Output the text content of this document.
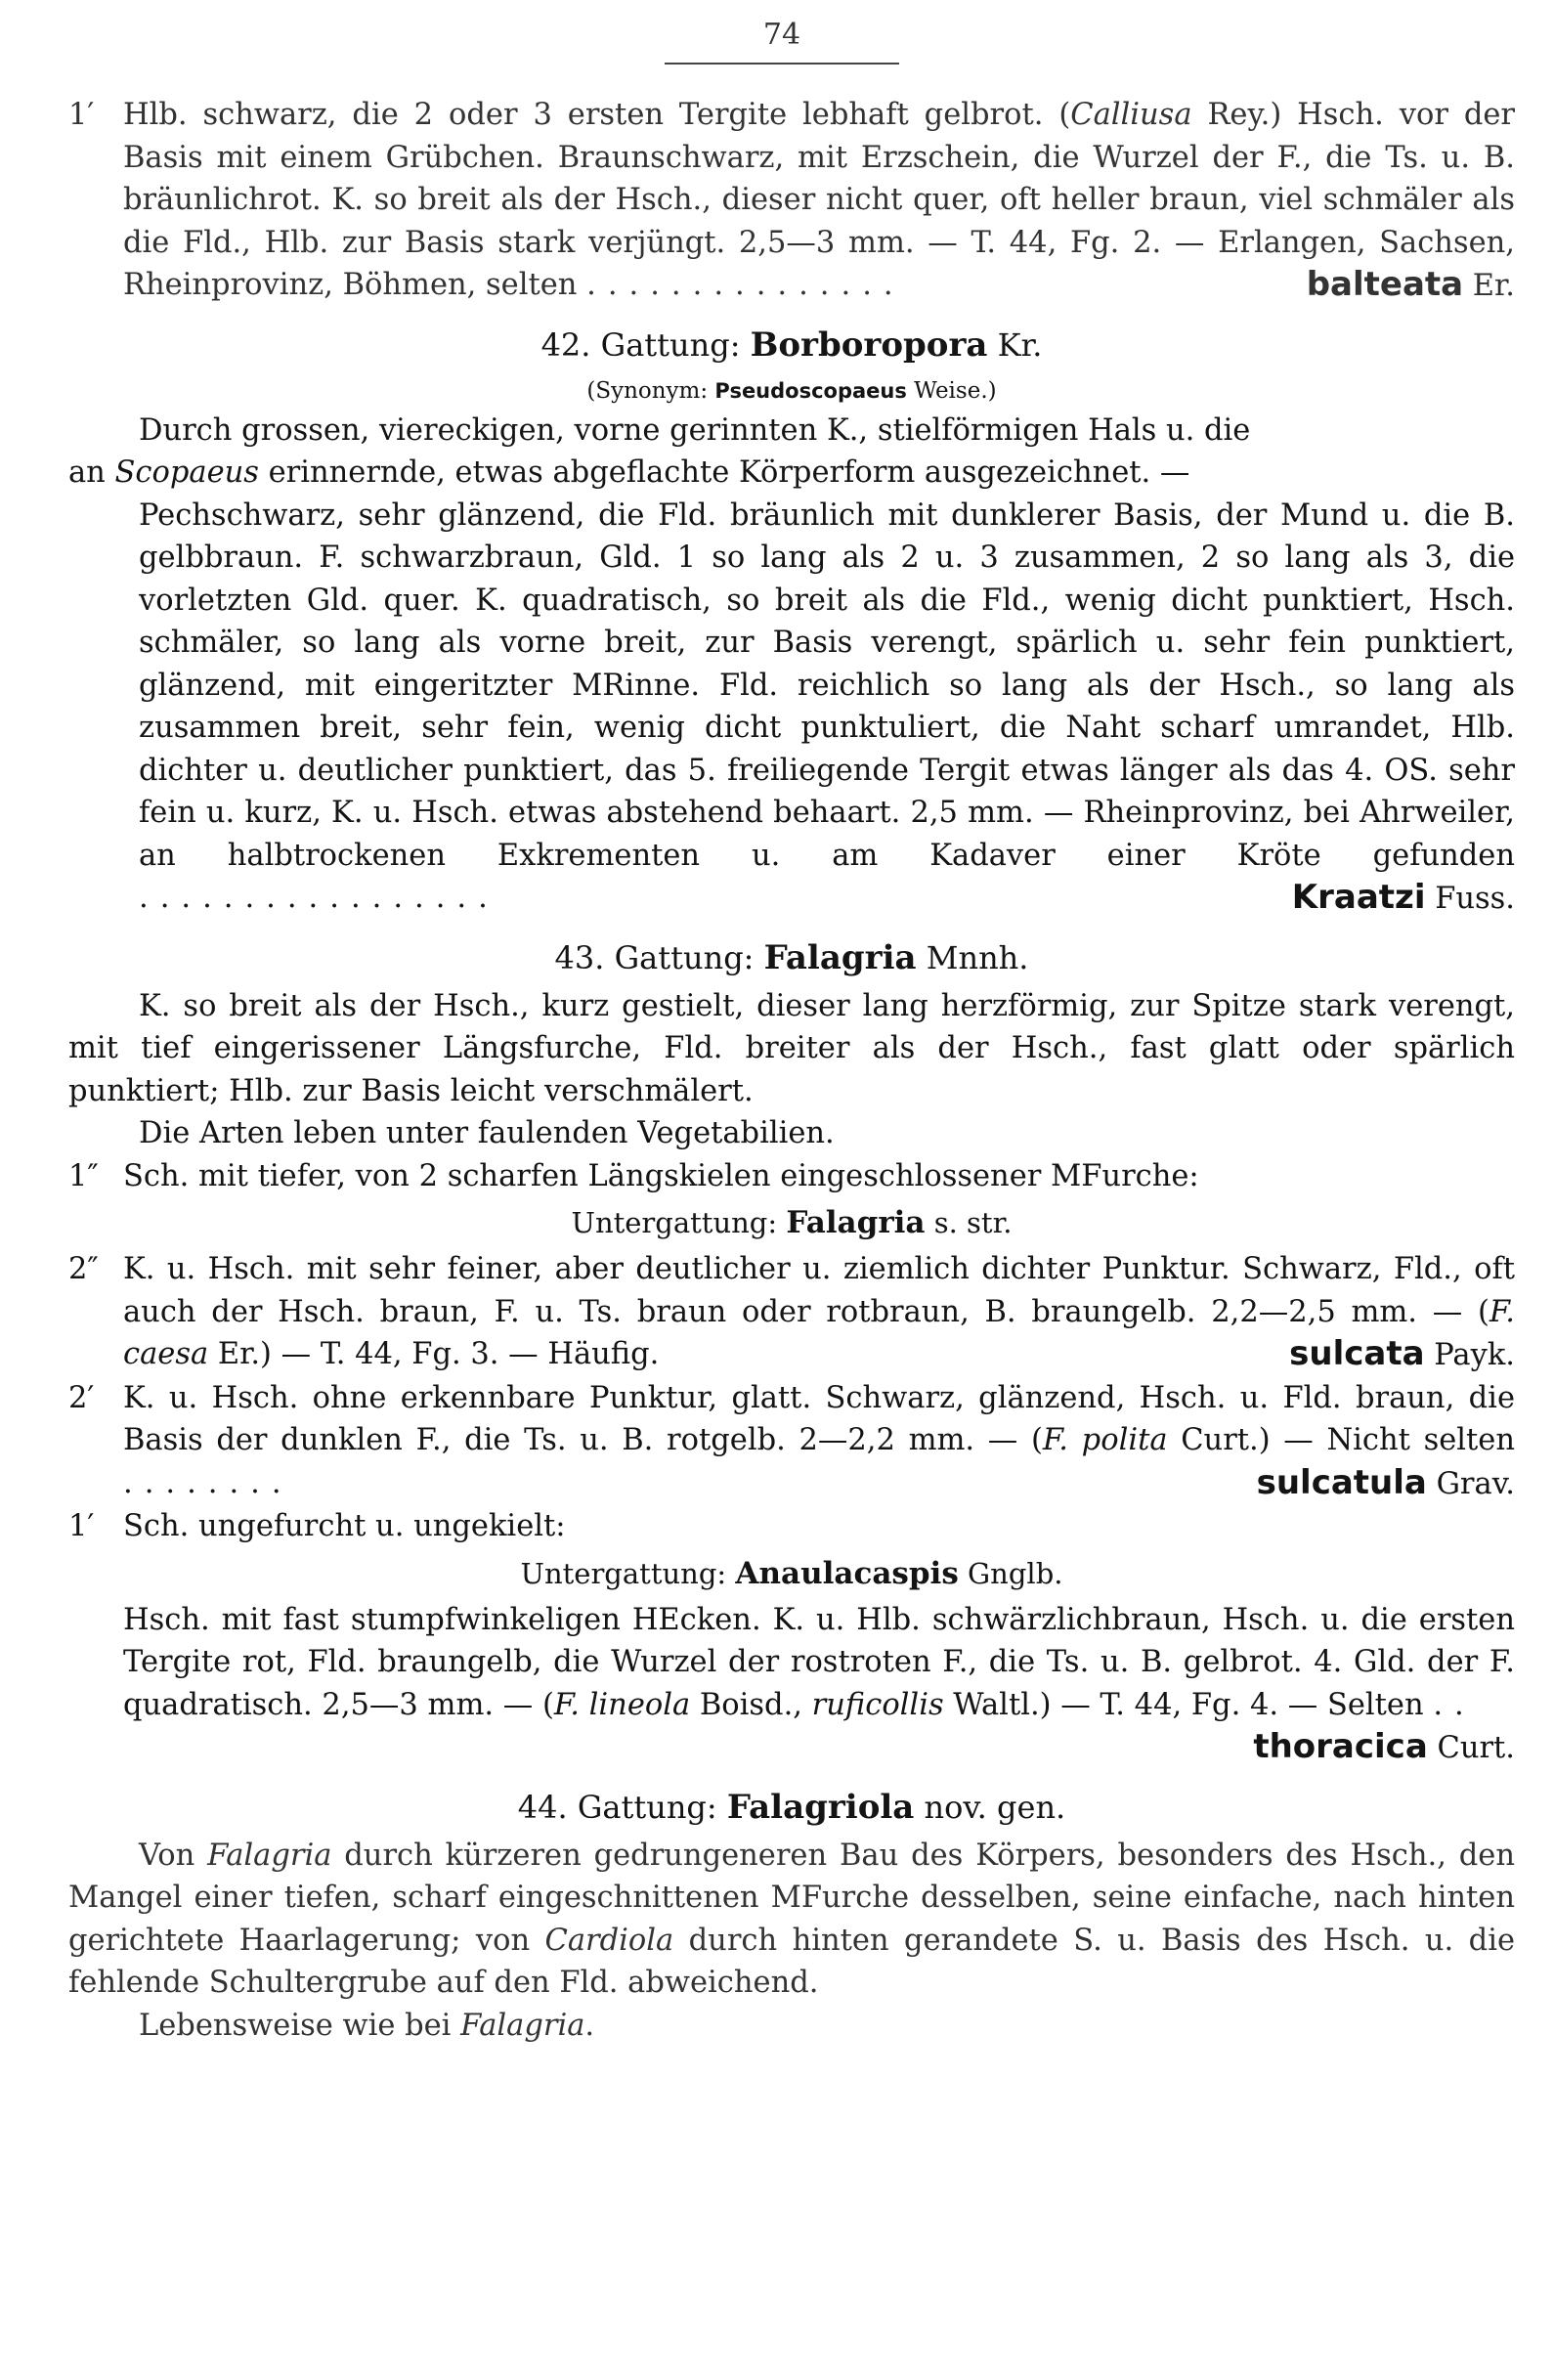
74
1′ Hlb. schwarz, die 2 oder 3 ersten Tergite lebhaft gelbrot. (Calliusa Rey.) Hsch. vor der Basis mit einem Grübchen. Braunschwarz, mit Erzschein, die Wurzel der F., die Ts. u. B. bräunlichrot. K. so breit als der Hsch., dieser nicht quer, oft heller braun, viel schmäler als die Fld., Hlb. zur Basis stark verjüngt. 2,5—3 mm. — T. 44, Fg. 2. — Erlangen, Sachsen, Rheinprovinz, Böhmen, selten ...............	balteata Er.
42. Gattung: Borboropora Kr.

(Synonym: Pseudoscopaeus Weise.)

Durch grossen, viereckigen, vorne gerinnten K., stielförmigen Hals u. die

an Scopaeus erinnernde, etwas abgeflachte Körperform ausgezeichnet. —

Pechschwarz, sehr glänzend, die Fld. bräunlich mit dunklerer Basis, der Mund u. die B. gelbbraun. F. schwarzbraun, Gld. 1 so lang als 2 u. 3 zusammen, 2 so lang als 3, die vorletzten Gld. quer. K. quadratisch, so breit als die Fld., wenig dicht punktiert, Hsch. schmäler, so lang als vorne breit, zur Basis verengt, spärlich u. sehr fein punktiert, glänzend, mit eingeritzter MRinne. Fld. reichlich so lang als der Hsch., so lang als zusammen breit, sehr fein, wenig dicht punktuliert, die Naht scharf umrandet, Hlb. dichter u. deutlicher punktiert, das 5. freiliegende Tergit etwas länger als das 4. OS. sehr fein u. kurz, K. u. Hsch. etwas abstehend behaart. 2,5 mm. — Rheinprovinz, bei Ahrweiler, an halbtrockenen Exkrementen u. am Kadaver einer Kröte gefunden .................	Kraatzi Fuss.
43. Gattung: Falagria Mnnh.

K. so breit als der Hsch., kurz gestielt, dieser lang herzförmig, zur Spitze stark verengt, mit tief eingerissener Längsfurche, Fld. breiter als der Hsch., fast glatt oder spärlich punktiert; Hlb. zur Basis leicht verschmälert.

Die Arten leben unter faulenden Vegetabilien.

1″ Sch. mit tiefer, von 2 scharfen Längskielen eingeschlossener MFurche:

Untergattung: Falagria s. str.

2″ K. u. Hsch. mit sehr feiner, aber deutlicher u. ziemlich dichter Punktur. Schwarz, Fld., oft auch der Hsch. braun, F. u. Ts. braun oder rotbraun, B. braungelb. 2,2—2,5 mm. — (F. caesa Er.) — T. 44, Fg. 3. — Häufig.	sulcata Payk.
2′ K. u. Hsch. ohne erkennbare Punktur, glatt. Schwarz, glänzend, Hsch. u. Fld. braun, die Basis der dunklen F., die Ts. u. B. rotgelb. 2—2,2 mm. — (F. polita Curt.) — Nicht selten ........	sulcatula Grav.
1′ Sch. ungefurcht u. ungekielt:

Untergattung: Anaulacaspis Gnglb.

Hsch. mit fast stumpfwinkeligen HEcken. K. u. Hlb. schwärzlichbraun, Hsch. u. die ersten Tergite rot, Fld. braungelb, die Wurzel der rostroten F., die Ts. u. B. gelbrot. 4. Gld. der F. quadratisch. 2,5—3 mm. — (F. lineola Boisd., ruficollis Waltl.) — T. 44, Fg. 4. — Selten ..
thoracica Curt.
44. Gattung: Falagriola nov. gen.

Von Falagria durch kürzeren gedrungeneren Bau des Körpers, besonders des Hsch., den Mangel einer tiefen, scharf eingeschnittenen MFurche desselben, seine einfache, nach hinten gerichtete Haarlagerung; von Cardiola durch hinten gerandete S. u. Basis des Hsch. u. die fehlende Schultergrube auf den Fld. abweichend.

Lebensweise wie bei Falagria.
